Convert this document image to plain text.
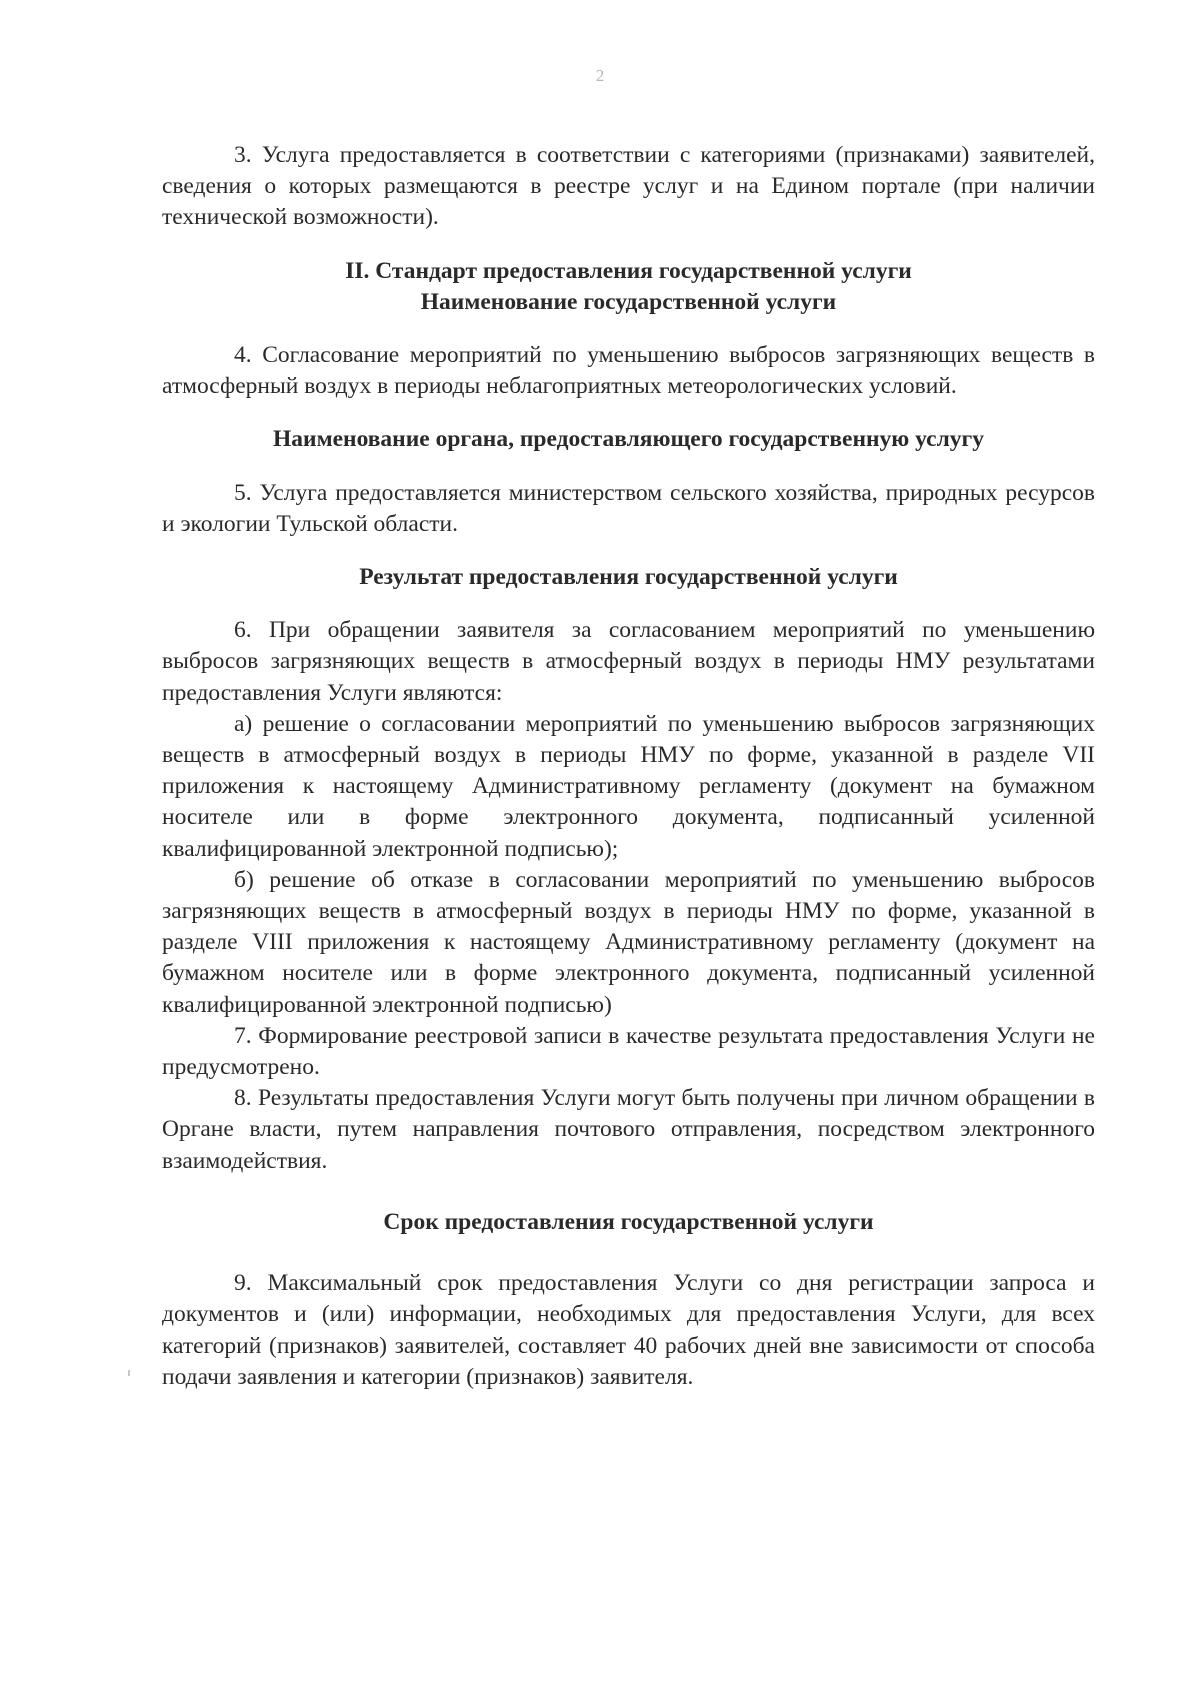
2

3. Услуга предоставляется в соответствии с категориями (признаками) заявителей, сведения о которых размещаются в реестре услуг и на Едином портале (при наличии технической возможности).

II. Стандарт предоставления государственной услуги

Наименование государственной услуги

4. Согласование мероприятий по уменьшению выбросов загрязняющих веществ в атмосферный воздух в периоды неблагоприятных метеорологических условий.

Наименование органа, предоставляющего государственную услугу

5. Услуга предоставляется министерством сельского хозяйства, природных ресурсов и экологии Тульской области.

Результат предоставления государственной услуги

6. При обращении заявителя за согласованием мероприятий по уменьшению выбросов загрязняющих веществ в атмосферный воздух в периоды НМУ результатами предоставления Услуги являются:

а) решение о согласовании мероприятий по уменьшению выбросов загрязняющих веществ в атмосферный воздух в периоды НМУ по форме, указанной в разделе VII приложения к настоящему Административному регламенту (документ на бумажном носителе или в форме электронного документа, подписанный усиленной квалифицированной электронной подписью);

б) решение об отказе в согласовании мероприятий по уменьшению выбросов загрязняющих веществ в атмосферный воздух в периоды НМУ по форме, указанной в разделе VIII приложения к настоящему Административному регламенту (документ на бумажном носителе или в форме электронного документа, подписанный усиленной квалифицированной электронной подписью)

7. Формирование реестровой записи в качестве результата предоставления Услуги не предусмотрено.

8. Результаты предоставления Услуги могут быть получены при личном обращении в Органе власти, путем направления почтового отправления, посредством электронного взаимодействия.

Срок предоставления государственной услуги

9. Максимальный срок предоставления Услуги со дня регистрации запроса и документов и (или) информации, необходимых для предоставления Услуги, для всех категорий (признаков) заявителей, составляет 40 рабочих дней вне зависимости от способа подачи заявления и категории (признаков) заявителя.
